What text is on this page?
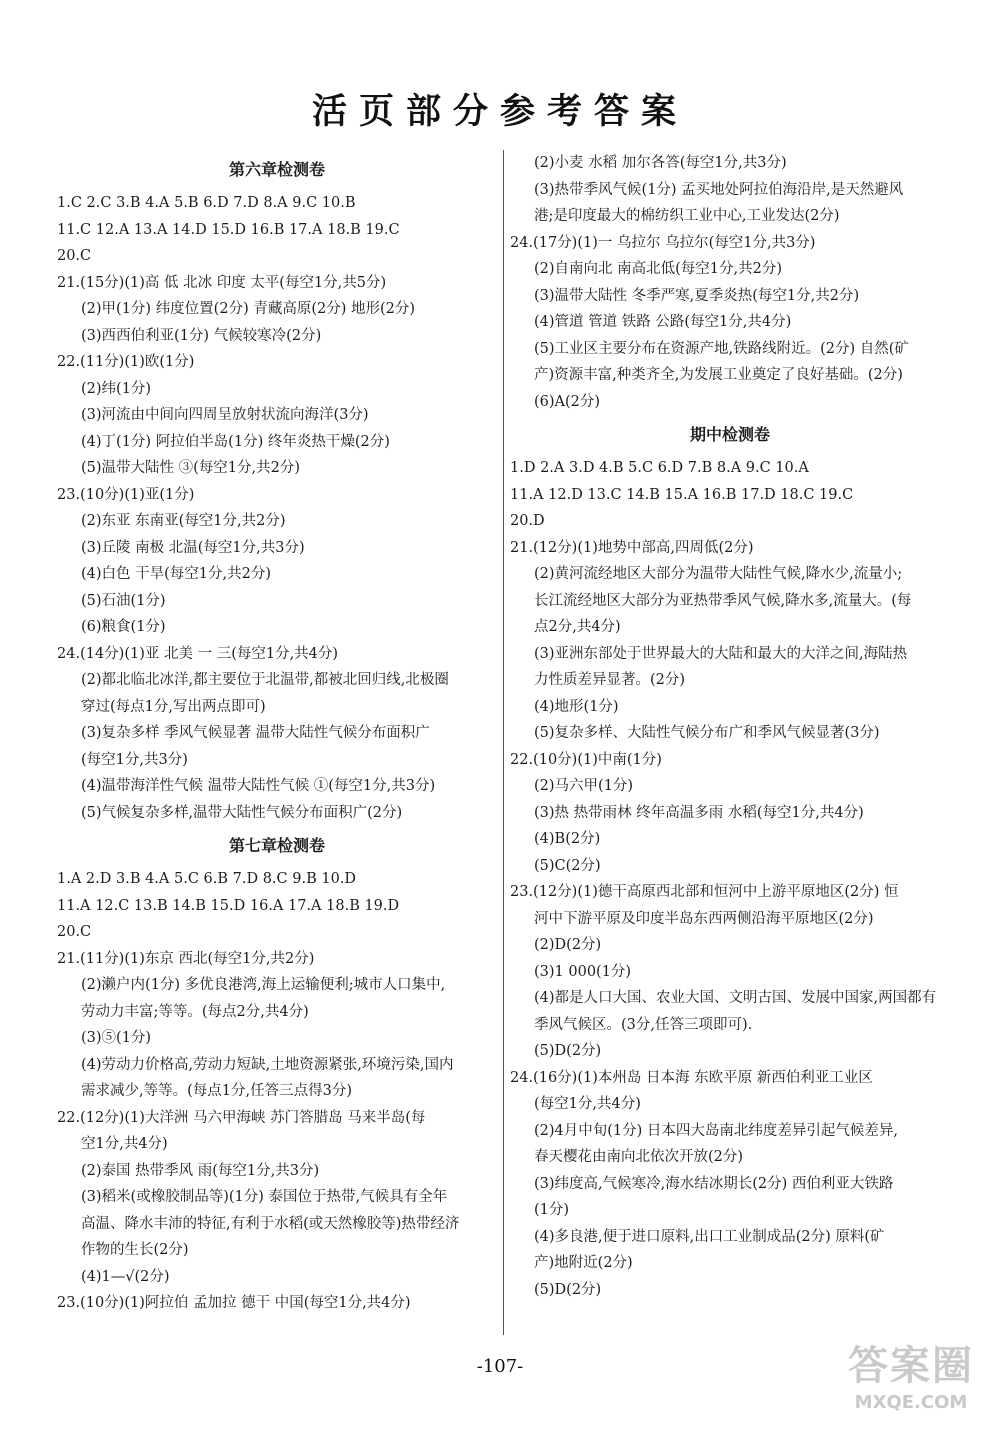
活页部分参考答案
第六章检测卷
1.C 2.C 3.B 4.A 5.B 6.D 7.D 8.A 9.C 10.B
11.C 12.A 13.A 14.D 15.D 16.B 17.A 18.B 19.C
20.C
21.(15分)(1)高 低 北冰 印度 太平(每空1分,共5分)
(2)甲(1分) 纬度位置(2分) 青藏高原(2分) 地形(2分)
(3)西西伯利亚(1分) 气候较寒冷(2分)
22.(11分)(1)欧(1分)
(2)纬(1分)
(3)河流由中间向四周呈放射状流向海洋(3分)
(4)丁(1分) 阿拉伯半岛(1分) 终年炎热干燥(2分)
(5)温带大陆性 ③(每空1分,共2分)
23.(10分)(1)亚(1分)
(2)东亚 东南亚(每空1分,共2分)
(3)丘陵 南极 北温(每空1分,共3分)
(4)白色 干旱(每空1分,共2分)
(5)石油(1分)
(6)粮食(1分)
24.(14分)(1)亚 北美 一 三(每空1分,共4分)
(2)都北临北冰洋,都主要位于北温带,都被北回归线,北极圈
穿过(每点1分,写出两点即可)
(3)复杂多样 季风气候显著 温带大陆性气候分布面积广
(每空1分,共3分)
(4)温带海洋性气候 温带大陆性气候 ①(每空1分,共3分)
(5)气候复杂多样,温带大陆性气候分布面积广(2分)
第七章检测卷
1.A 2.D 3.B 4.A 5.C 6.B 7.D 8.C 9.B 10.D
11.A 12.C 13.B 14.B 15.D 16.A 17.A 18.B 19.D
20.C
21.(11分)(1)东京 西北(每空1分,共2分)
(2)濑户内(1分) 多优良港湾,海上运输便利;城市人口集中,
劳动力丰富;等等。(每点2分,共4分)
(3)⑤(1分)
(4)劳动力价格高,劳动力短缺,土地资源紧张,环境污染,国内
需求减少,等等。(每点1分,任答三点得3分)
22.(12分)(1)大洋洲 马六甲海峡 苏门答腊岛 马来半岛(每
空1分,共4分)
(2)泰国 热带季风 雨(每空1分,共3分)
(3)稻米(或橡胶制品等)(1分) 泰国位于热带,气候具有全年
高温、降水丰沛的特征,有利于水稻(或天然橡胶等)热带经济
作物的生长(2分)
(4)1—√(2分)
23.(10分)(1)阿拉伯 孟加拉 德干 中国(每空1分,共4分)
(2)小麦 水稻 加尔各答(每空1分,共3分)
(3)热带季风气候(1分) 孟买地处阿拉伯海沿岸,是天然避风
港;是印度最大的棉纺织工业中心,工业发达(2分)
24.(17分)(1)一 乌拉尔 乌拉尔(每空1分,共3分)
(2)自南向北 南高北低(每空1分,共2分)
(3)温带大陆性 冬季严寒,夏季炎热(每空1分,共2分)
(4)管道 管道 铁路 公路(每空1分,共4分)
(5)工业区主要分布在资源产地,铁路线附近。(2分) 自然(矿
产)资源丰富,种类齐全,为发展工业奠定了良好基础。(2分)
(6)A(2分)
期中检测卷
1.D 2.A 3.D 4.B 5.C 6.D 7.B 8.A 9.C 10.A
11.A 12.D 13.C 14.B 15.A 16.B 17.D 18.C 19.C
20.D
21.(12分)(1)地势中部高,四周低(2分)
(2)黄河流经地区大部分为温带大陆性气候,降水少,流量小;
长江流经地区大部分为亚热带季风气候,降水多,流量大。(每
点2分,共4分)
(3)亚洲东部处于世界最大的大陆和最大的大洋之间,海陆热
力性质差异显著。(2分)
(4)地形(1分)
(5)复杂多样、大陆性气候分布广和季风气候显著(3分)
22.(10分)(1)中南(1分)
(2)马六甲(1分)
(3)热 热带雨林 终年高温多雨 水稻(每空1分,共4分)
(4)B(2分)
(5)C(2分)
23.(12分)(1)德干高原西北部和恒河中上游平原地区(2分) 恒
河中下游平原及印度半岛东西两侧沿海平原地区(2分)
(2)D(2分)
(3)1 000(1分)
(4)都是人口大国、农业大国、文明古国、发展中国家,两国都有
季风气候区。(3分,任答三项即可).
(5)D(2分)
24.(16分)(1)本州岛 日本海 东欧平原 新西伯利亚工业区
(每空1分,共4分)
(2)4月中旬(1分) 日本四大岛南北纬度差异引起气候差异,
春天樱花由南向北依次开放(2分)
(3)纬度高,气候寒冷,海水结冰期长(2分) 西伯利亚大铁路
(1分)
(4)多良港,便于进口原料,出口工业制成品(2分) 原料(矿
产)地附近(2分)
(5)D(2分)
-107-	答案圈
MXQE.COM
